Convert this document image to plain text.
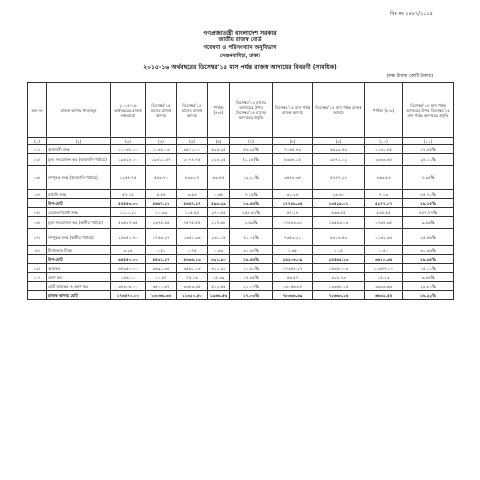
বিঃ নং ২৪৮৭/২০১৫
গণপ্রজাতন্ত্রী বাংলাদেশ সরকার
জাতীয় রাজস্ব বোর্ড
গবেষণা ও পরিসংখ্যান অনুবিভাগ
সেগুনবাগিচা, ঢাকা।
২০১৫-১৬ অর্থবছরের ডিসেম্বর'১৫ মাস পর্যন্ত রাজস্ব আদায়ের বিবরণী (সাময়িক)
(লক্ষ টাকায় কোটি টাকায়)
ক্রম নং	রাজস্ব আদায় খাতসমূহ	২০১৫-১৬ অর্থবছরের রাজস্ব লক্ষ্যমাত্রা	ডিসেম্বর'১৫ মাসের রাজস্ব আদায়	ডিসেম্বর'১৪ মাসের রাজস্ব আদায়	পার্থক্য (৪-৫)	ডিসেম্বর'১৪ মাসের আদায়ের উপর ডিসেম্বর'১৫ মাসের আদায়ের প্রবৃদ্ধি	ডিসেম্বর'১৫ মাস পর্যন্ত রাজস্ব আদায়	ডিসেম্বর'১৪ মাস পর্যন্ত রাজস্ব আদায়	পার্থক্য (৮-৯)	ডিসেম্বর'১৪ মাস পর্যন্ত আদায়ের উপর ডিসেম্বর'১৫ মাস পর্যন্ত আদায়ের প্রবৃদ্ধি
(১)	(২)	(৩)	(৪)	(৫)	(৬)	(৭)	(৮)	(৯)	(১০)	(১১)
০১।	আমদানী শুল্ক	১০০৩৭.০০	১০৩৪.০৩	৯৫১১.০০	৬২৩.২৫	৫৬.২৫%	৭০৬৫.৪৩	৬৩২৯.৫৩	১১৩১.৪৫	১৭.৪৫%
০২।	মূল্য সংযোজন কর (আমদানি পর্যায়ে)	১৯৪২৮.০০	১৯৪১১.৫৭	২০৭৪.৭৫	২২৪.২৫	(১.২৫)%	৮৩৬৪.১৫	৯৪৭২.০২	২৩৩৩.৪৫	২৫.১১%
০৩।	সম্পূরক শুল্ক (আমদানি পর্যায়ে)	১২৫৫.৭৫	৫৫৬.৭০	৪৩৩.১৭	৬৩.৫৫	১৯.২০%	৩৫৭৮.৩৫	৫৭৪৭.২৪	৪৬৩.৫৩	৭.৩৫%
০৪।	রপ্তানি শুল্ক	৫৭.১৫	৫.৫৫	৩.৫৩	০.৬৫	৭.১৫%	৩১.২৪	২৩.৬০	৭.১৩	৪৫.৭১%
	উপ-মোট	৫৫৫৫৩.০০	৫৬৬৭.২১	৫৩৬৭.২৭	৫৯৩.২৯	১৩.৫৬%	১৭৭৫৯.৩৫	১৩৪২৯.০১	৫২৭৭.০৭	১৬.১৫%
০৫।	ডেভেলপমেন্ট শুল্ক	১১১১.২১	১০.৩৩	১১৫.৫৫	২৭০.৫৫	২৫৪.৫২%	৫৭.১৪	৫৬৩.৫৫	৫৩৫.৫৫	৫৫৭.৭৭%
০৬।	মূল্য সংযোজন কর (স্থানীয় পর্যায়ে)	৫৩৫২৭.৩৫	২৩৭৫.৩৫	৭৫৭৫.৫৫	২১৭.৬৮	২.৬৬%	১৭৪৫৩.৩১	১৬৫৫৩.০৩	১৭৬৪.৩৫	৯.৬৬%
০৭।	সম্পূরক শুল্ক (স্থানীয় পর্যায়ে)	২৩৪৫১.৭০	১৭৫৬.২৭	১৬৫১.৩৬	২৩১.১৫	৪১.০৫%	৭৩৫৩.২১	৫৩১৩.৫৩	১১৬২.৩৩	২৫.৫৬%
০৮।	টার্নওভার ট্যাক্স	৩.২৫	০.৫১	০.৭৫	০.৩৩	৩১.৩৭%	১.৬৫	১.১৫	০.৫০	৩১.৫৬%
	উপ-মোট	৬৫৫৫০.০০	৫৫৩১.২৭	৫৩৩৬.১৩	৩২১.৯০	১৬.৫৬%	২৬২০৬.০৯	২৪৫৬৫.১৩	৩৬১০.৩৬	১৬.৩৫%
০৯।	আয়কর	৬৪৩৫০.০০	৩৩৯১.৩৪	৩৫৬১.১৩	৩১১.৩১	১০.৫১%	১৭৩৫৪.২৭	১৬৩৫০.০৩	১১৬৭৭.০০	১৫.১১%
১০।	ভ্রমণ কর	১৫৬.০০	১০.৫৭	৭৫.১৬	১৫.৩৯	১৭.৩৫%	৫৬.৫৭	৩১৮.৭৩	১৫.১৩	৩.৬৪%
	মোট আয়কর ও ভ্রমণ কর	৬৪৫০৬.০০	৩৫০০.৩৭	৩৩৮৩.৩৫	৫১২.৬৫	২১.০৭%	১৬০৫৬.৮৮	১৩৩৪৮.১৫	৩৯৬৩.৬৬	২৯.৮১%
	রাজস্ব আদায় মোট	১৭৬৪৭০.০০	১৩০৬৬.৩৬	১১৩২০.৫০	১৯৬৬.৫৬	১৭.০৩%	৭৮৩৬৬.৬৯	৭২৬৬৩.১৬	৬৬৩২.৫৪	১৬.২২%
